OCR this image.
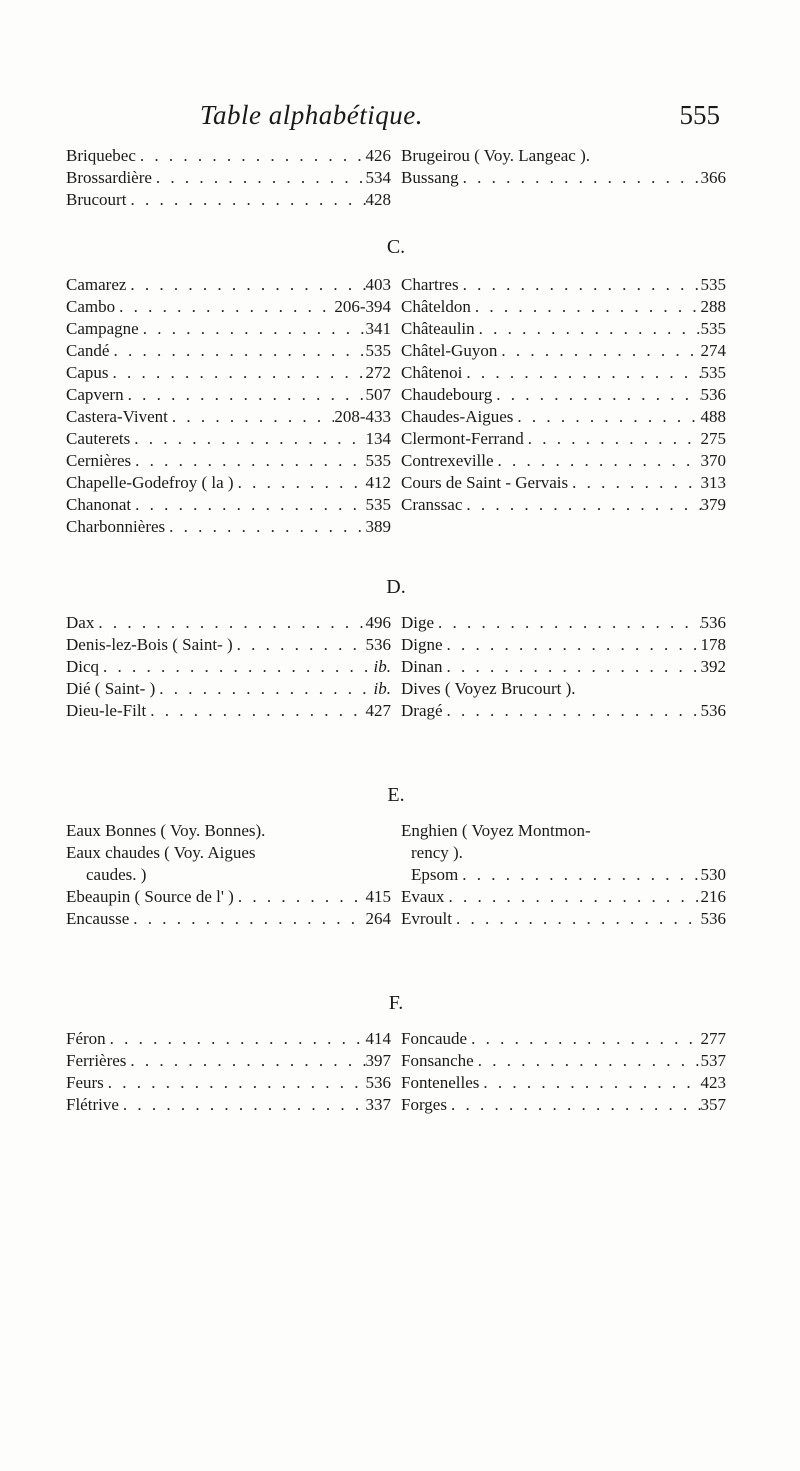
Table alphabétique.	555
Briquebec . . .	426 Brugeirou ( Voy. Langeac ).
Brossardière . . .	534 Bussang . . .	366
Brucourt . . .	428
C.
Camarez . . .	403 Chartres . . .	535
Cambo . . .	206-394 Châteldon . . .	288
Campagne . . .	341 Châteaulin . . .	535
Candé . . .	535 Châtel-Guyon . . .	274
Capus . . .	272 Châtenoi . . .	535
Capvern . . .	507 Chaudebourg . . .	536
Castera-Vivent . . .	208-433 Chaudes-Aigues . . .	488
Cauterets . . .	134 Clermont-Ferrand . . .	275
Cernières . . .	535 Contrexeville . . .	370
Chapelle-Godefroy ( la ) . . .	412 Cours de Saint - Gervais . . .	313
Chanonat . . .	535 Cranssac . . .	379
Charbonnières . . .	389
D.
Dax . . .	496 Dige . . .	536
Denis-lez-Bois ( Saint- ) . . .	536 Digne . . .	178
Dicq . . .	ib. Dinan . . .	392
Dié ( Saint- ) . . .	ib. Dives ( Voyez Brucourt ).
Dieu-le-Filt . . .	427 Dragé . . .	536
E.
Eaux Bonnes ( Voy. Bonnes).	Enghien ( Voyez Montmon-
Eaux chaudes ( Voy. Aigues	rency ).
caudes. )	Epsom . . .	530
Ebeaupin ( Source de l' ) . . .	415 Evaux . . .	216
Encausse . . .	264 Evroult . . .	536
F.
Féron . . .	414 Foncaude . . .	277
Ferrières . . .	397 Fonsanche . . .	537
Feurs . . .	536 Fontenelles . . .	423
Flétrive . . .	337 Forges . . .	357
